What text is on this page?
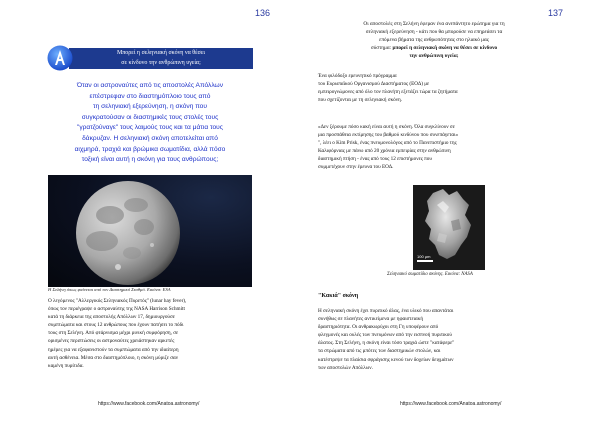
136
Μπορεί η σεληνιακή σκόνη να θέσει
σε κίνδυνο την ανθρώπινη υγεία;

Όταν οι αστροναύτες από τις αποστολές Απόλλων
επέστρεφαν στο διαστημόπλοιο τους από
τη σεληνιακή εξερεύνηση, η σκόνη που
συγκρατούσαν οι διαστημικές τους στολές τους
"γρατζούναγε" τους λαιμούς τους και τα μάτια τους
δάκρυζαν. Η σεληνιακή σκόνη αποτελείται από
αιχμηρά, τραχιά και βρώμικα σωματίδια, αλλά πόσο
τοξική είναι αυτή η σκόνη για τους ανθρώπους;

Η Σελήνη όπως φαίνεται από τον Διαστημικό Σταθμό. Εικόνα: ESA

Ο λεγόμενος "Αλλεργικός Σεληνιακός Πυρετός" (lunar hay fever),
όπως τον περιέγραψε ο αστροναύτης της NASA Harrison Schmitt
κατά τη διάρκεια της αποστολής Απόλλων 17, δημιουργούσε
συμπτώματα και στους 12 ανθρώπους που έχουν πατήσει το πόδι
τους στη Σελήνη. Από φτάρνισμα μέχρι ρινική συμφόρηση, σε
ορισμένες περιπτώσεις οι αστροναύτες χρειάστηκαν αρκετές
ημέρες για να εξαφανιστούν τα συμπτώματα από την ιδιαίτερη
αυτή ασθένεια. Μέσα στο διαστημόπλοιο, η σκόνη μύριζε σαν
καμένη πυρίτιδα.

https://www.facebook.com/Anatoa.astronomy/
137

Οι αποστολές στη Σελήνη έφεραν ένα ανεπάντητο ερώτημα για τη
σεληνιακή εξερεύνηση - κάτι που θα μπορούσε να επηρεάσει τα
επόμενα βήματα της ανθρωπότητας στο ηλιακό μας
σύστημα: μπορεί η σεληνιακή σκόνη να θέσει σε κίνδυνο
την ανθρώπινη υγεία;

Ένα φιλόδοξο ερευνητικό πρόγραμμα
του Ευρωπαϊκού Οργανισμού Διαστήματος (ΕΟΔ) με
εμπειρογνώμονες από όλο τον πλανήτη εξετάζει τώρα τα ζητήματα
που σχετίζονται με τη σεληνιακή σκόνη.

«Δεν ξέρουμε πόσο κακή είναι αυτή η σκόνη. Όλα συγκλίνουν σε
μια προσπάθεια εκτίμησης του βαθμού κινδύνου που συνεπάγεται»
", λέει ο Kim Prisk, ένας πνευμονολόγος από το Πανεπιστήμιο της
Καλιφόρνιας με πάνω από 20 χρόνια εμπειρίας στην ανθρώπινη
διαστημική πτήση - ένας από τους 12 επιστήμονες που
συμμετέχουν στην έρευνα του ΕΟΔ.

100 μm
Σεληνιακό σωματίδιο σκόνης. Εικόνα: NASA
"Κακιά" σκόνη

Η σεληνιακή σκόνη έχει πυριτικό άλας, ένα υλικό που απαντάται
συνήθως σε πλανήτες αντικείμενα με ηφαιστειακή
δραστηριότητα. Οι ανθρακωρύχοι στη Γη υποφέρουν από
φλεγμονές και ουλές των πνευμόνων από την εισπνοή πυριτικού
άλατος. Στη Σελήνη, η σκόνη είναι τόσο τραχιά ώστε "κατάφερε"
τα στρώματα από τις μπότες των διαστημικών στολών, και
κατέστρεψε τα πλαίσια σφράγισης κενού των δοχείων δειγμάτων
των αποστολών Απόλλων.

https://www.facebook.com/Anatoa.astronomy/
